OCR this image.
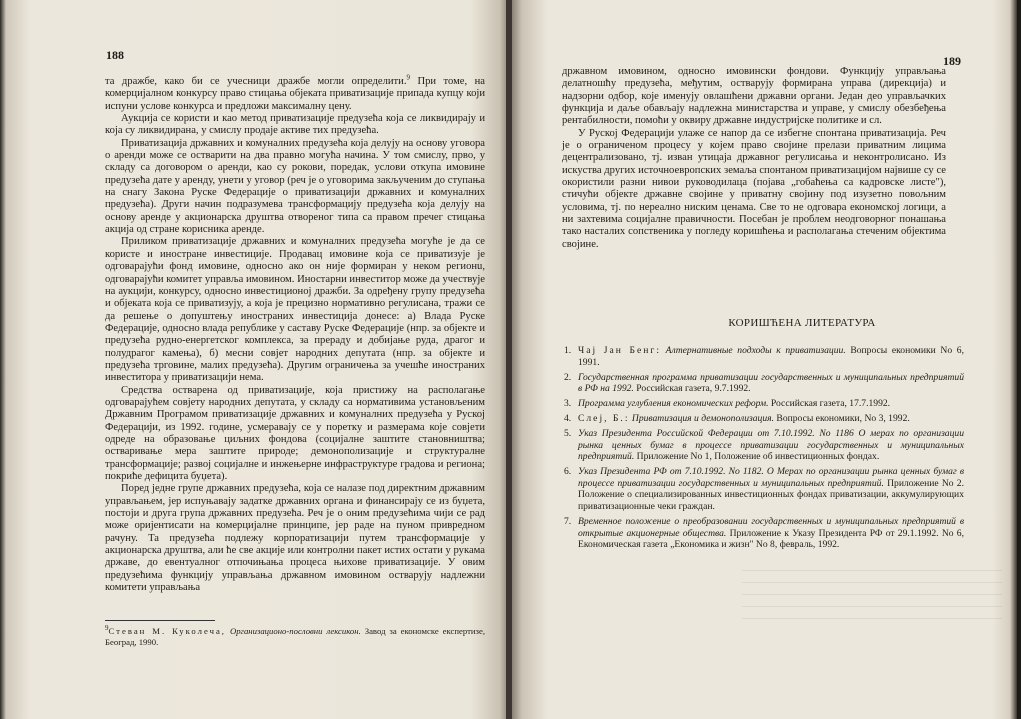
188

та дражбе, како би се учесници дражбе могли определити.$^9$ При томе, на комерцијалном конкурсу право стицања објеката приватизације припада купцу који испуни услове конкурса и предложи максималну цену.

Аукција се користи и као метод приватизације предузећа која се ликвидирају и која су ликвидирана, у смислу продаје активе тих предузећа.

Приватизација државних и комуналних предузећа која делују на основу уговора о аренди може се остварити на два правно могућа начина. У том смислу, прво, у складу са договором о аренди, као су рокови, поредак, услови откупа имовине предузећа дате у аренду, унети у уговор (реч је о уговорима закљученим до ступања на снагу Закона Руске Федерације о приватизацији државних и комуналних предузећа). Други начин подразумева трансформацију предузећа која делују на основу аренде у акционарска друштва отвореног типа са правом пречег стицања акција од стране корисника аренде.

Приликом приватизације државних и комуналних предузећа могуће је да се користе и иностране инвестиције. Продавац имовине која се приватизује је одговарајући фонд имовине, односно ако он није формиран у неком регионu, одговарајући комитет управља имовином. Иностарни инвеститор може да учествује на аукцији, конкурсу, односно инвестиционој дражби. За одређену групу предузећа и објеката која се приватизују, а која је прецизно нормативно регулисана, тражи се да решење о допуштењу иностраних инвестиција донесе: а) Влада Руске Федерације, односно влада републике у саставу Руске Федерације (нпр. за објекте и предузећа рудно-енергетског комплекса, за прераду и добијање руда, драгог и полудрагог камења), б) месни совјет народних депутата (нпр. за објекте и предузећа трговине, малих предузећа). Другим ограничења за учешће иностраних инвеститора у приватизацији нема.

Средства остварена од приватизације, која пристижу на располагање одговарајућем совјету народних депутата, у складу са нормативима установљеним Државним Програмом приватизације државних и комуналних предузећа у Руској Федерацији, из 1992. године, усмеравају се у поретку и размерама које совјети одреде на образовање циљних фондова (социјалне заштите становништва; остваривање мера заштите природе; демонополизације и структуралне трансформације; развој социјалне и инжењерне инфраструктуре градова и регионa; покриће дефицита буџета).

Поред једне групе државних предузећа, која се налазе под директним државним управљањем, јер испуњавају задатке државних органа и финансирају се из буџета, постоји и друга група државних предузећа. Реч је о оним предузећима чији се рад може оријентисати на комерцијалне принципе, јер раде на пуном привредном рачуну. Та предузећа подлежу корпоратизацији путем трансформације у акционарска друштва, али ће све акције или контролни пакет истих остати у рукама државе, до евентуалног отпочињања процеса њихове приватизације. У овим предузећима функцију управљања државном имовином остварују надлежни комитети управљања

$^9$Стеван М. Куколеча, Организационо-пословни лексикон. Завод за економске експертизе, Беoград, 1990.
189

државном имовином, односно имовински фондови. Функцију управљања делатношћу предузећа, међутим, остварују формирана управа (дирекција) и надзорни одбор, које именују овлашћени државни органи. Један део управљачких функција и даље обављају надлежна министарства и управе, у смислу обезбеђења рентабилности, помоћи у оквиру државне индустријске политике и сл.

У Руској Федерацији улаже се напор да се избегне спонтана приватизација. Реч је о ограниченом процесу у којем право својине прелази приватним лицима децентрализовано, тј. изван утицаја државног регулисања и неконтролисано. Из искуства других источноевропских земаља спонтаном приватизацијом највише су се окористили разни нивои руководилаца (појава „гобаћења са кадровске листе"), стичући објекте државне својине у приватну својину под изузетно повољним условима, тј. по нереално ниским ценама. Све то не одговара економској логици, а ни захтевима социјалне правичности. Посебан је проблем неодговорног понашања тако насталих сопственика у погледу коришћења и располагања стеченим објектима својине.

КОРИШЋЕНА ЛИТЕРАТУРА
1. Чај Јан Бенг: Алтернативные подходы к приватизации. Вопросы економики No 6, 1991.
2. Государственная программа приватизации государственных и муниципальных предприятий в РФ на 1992. Российская газета, 9.7.1992.
3. Программа углубления економических реформ. Российская газета, 17.7.1992.
4. Слеј, Б.: Приватизация и демонополизация. Вопросы економики, No 3, 1992.
5. Указ Президента Российской Федерации от 7.10.1992. No 1186 О мерах по организации рынка ценных бумаг в процессе приватизации государственных и муниципальных предприятий. Приложение No 1, Положение об инвестиционных фондах.
6. Указ Президента РФ от 7.10.1992. No 1182. О Мерах по организации рынка ценных бумаг в процессе приватизации государственных и муниципальных предприятий. Приложение No 2. Положение о специализированных инвестиционных фондах приватизации, аккумулирующих приватизационные чеки граждан.
7. Временное положение о преобразовании государственных и муниципальных предприятий в открытые акционерные общества. Приложение к Указу Президента РФ от 29.1.1992. No 6, Економическая газета „Економика и жизн" No 8, февраль, 1992.
